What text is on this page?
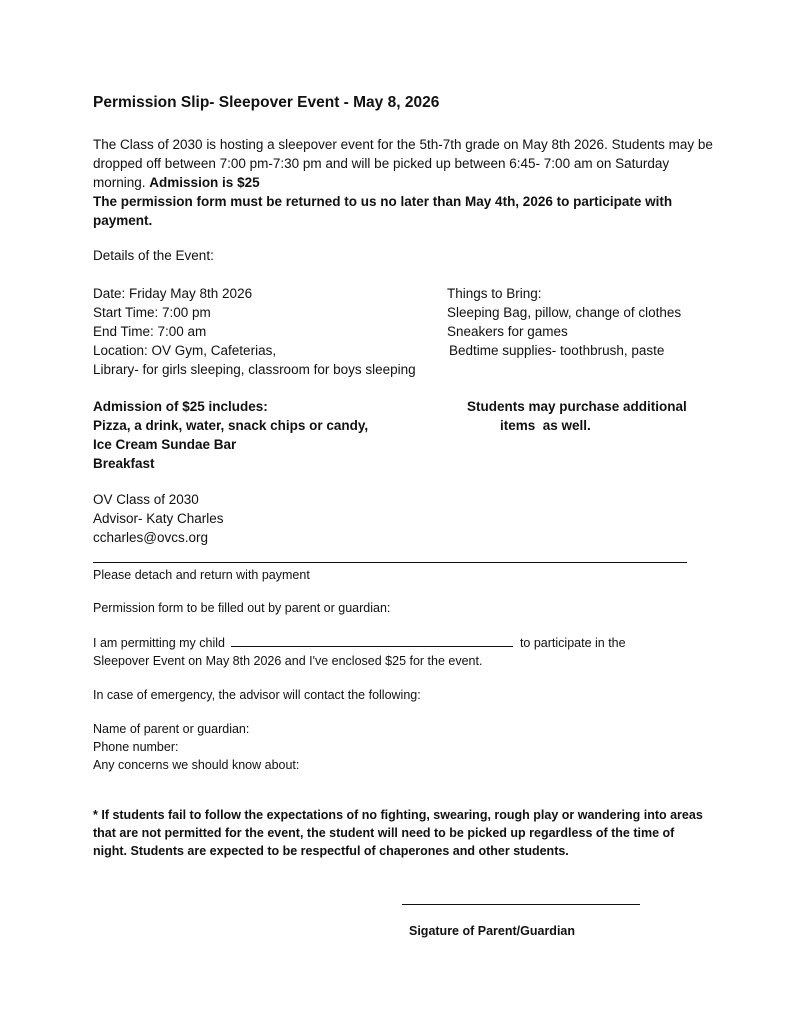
Permission Slip- Sleepover Event - May 8, 2026
The Class of 2030 is hosting a sleepover event for the 5th-7th grade on May 8th 2026. Students may be dropped off between 7:00 pm-7:30 pm and will be picked up between 6:45- 7:00 am on Saturday morning. Admission is $25
The permission form must be returned to us no later than May 4th, 2026 to participate with payment.
Details of the Event:
Date: Friday May 8th 2026
Start Time: 7:00 pm
End Time: 7:00 am
Location: OV Gym, Cafeterias,
Library- for girls sleeping, classroom for boys sleeping
Things to Bring:
Sleeping Bag, pillow, change of clothes
Sneakers for games
Bedtime supplies- toothbrush, paste
Admission of $25 includes:
Pizza, a drink, water, snack chips or candy,
Ice Cream Sundae Bar
Breakfast
Students may purchase additional
items  as well.
OV Class of 2030
Advisor- Katy Charles
ccharles@ovcs.org
Please detach and return with payment
Permission form to be filled out by parent or guardian:
I am permitting my child	to participate in the
Sleepover Event on May 8th 2026 and I've enclosed $25 for the event.
In case of emergency, the advisor will contact the following:
Name of parent or guardian:
Phone number:
Any concerns we should know about:
* If students fail to follow the expectations of no fighting, swearing, rough play or wandering into areas that are not permitted for the event, the student will need to be picked up regardless of the time of night. Students are expected to be respectful of chaperones and other students.
Sigature of Parent/Guardian
